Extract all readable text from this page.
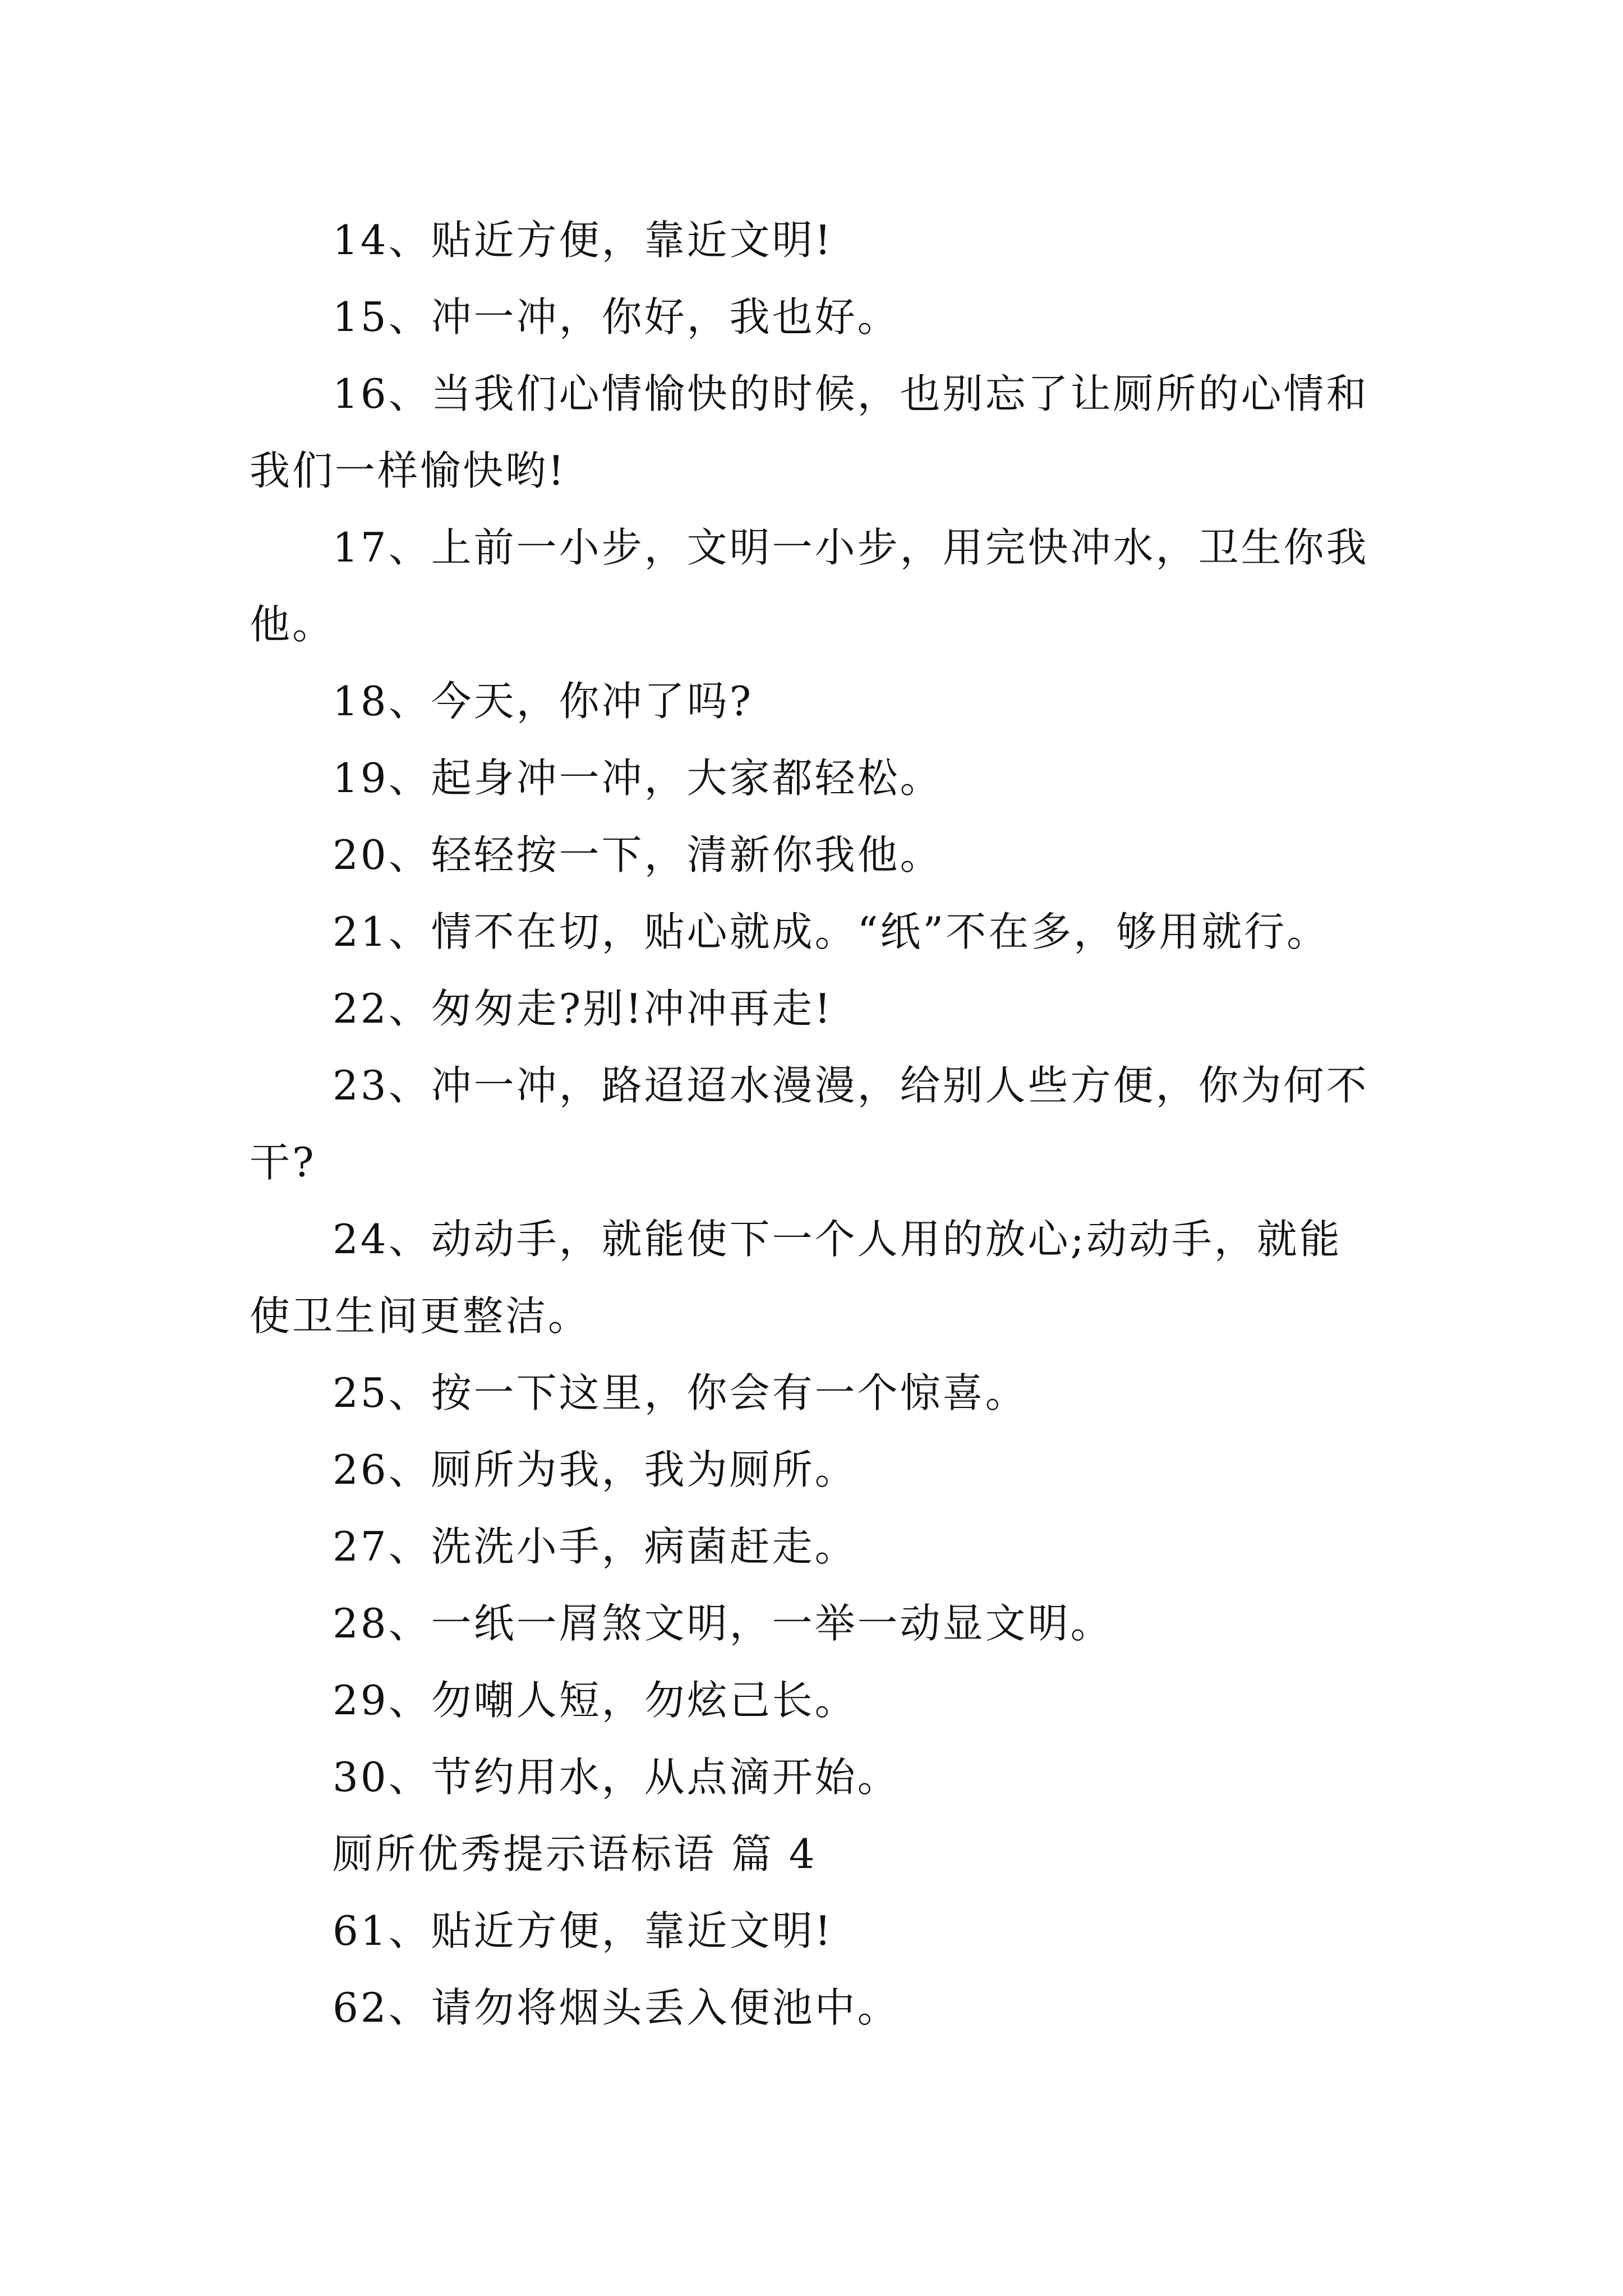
14、贴近方便，靠近文明!

15、冲一冲，你好，我也好。

16、当我们心情愉快的时候，也别忘了让厕所的心情和我们一样愉快哟!

17、上前一小步，文明一小步，用完快冲水，卫生你我他。

18、今天，你冲了吗?

19、起身冲一冲，大家都轻松。

20、轻轻按一下，清新你我他。

21、情不在切，贴心就成。“纸”不在多，够用就行。

22、匆匆走?别!冲冲再走!

23、冲一冲，路迢迢水漫漫，给别人些方便，你为何不干?

24、动动手，就能使下一个人用的放心;动动手，就能使卫生间更整洁。

25、按一下这里，你会有一个惊喜。

26、厕所为我，我为厕所。

27、洗洗小手，病菌赶走。

28、一纸一屑煞文明，一举一动显文明。

29、勿嘲人短，勿炫己长。

30、节约用水，从点滴开始。

厕所优秀提示语标语 篇 4

61、贴近方便，靠近文明!

62、请勿将烟头丢入便池中。
